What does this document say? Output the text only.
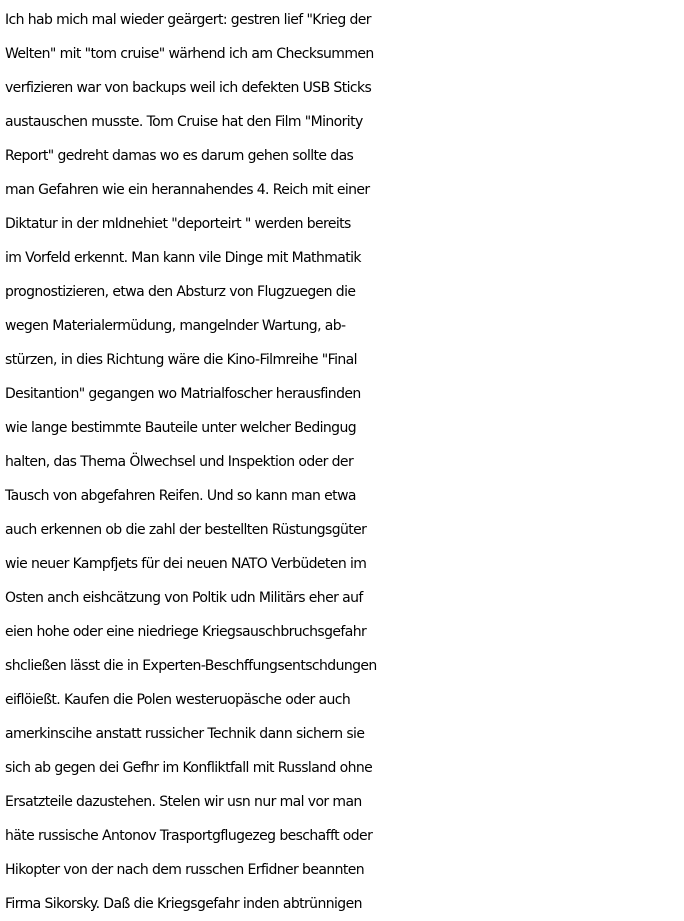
Ich hab mich mal wieder geärgert: gestren lief "Krieg der
Welten" mit "tom cruise" wärhend ich am Checksummen
verfizieren war von backups weil ich defekten USB Sticks
austauschen musste. Tom Cruise hat den Film "Minority
Report" gedreht damas wo es darum gehen sollte das
man Gefahren wie ein herannahendes 4. Reich mit einer
Diktatur in der mIdnehiet "deporteirt " werden bereits
im Vorfeld erkennt. Man kann vile Dinge mit Mathmatik
prognostizieren, etwa den Absturz von Flugzuegen die
wegen Materialermüdung, mangelnder Wartung, ab-
stürzen, in dies Richtung wäre die Kino-Filmreihe "Final
Desitantion" gegangen wo Matrialfoscher herausfinden
wie lange bestimmte Bauteile unter welcher Bedingug
halten, das Thema Ölwechsel und Inspektion oder der
Tausch von abgefahren Reifen. Und so kann man etwa
auch erkennen ob die zahl der bestellten Rüstungsgüter
wie neuer Kampfjets für dei neuen NATO Verbüdeten im
Osten anch eishcätzung von Poltik udn Militärs eher auf
eien hohe oder eine niedriege Kriegsauschbruchsgefahr
shcließen lässt die in Experten-Beschffungsentschdungen
eiflöießt. Kaufen die Polen westeruopäsche oder auch
amerkinscihe anstatt russicher Technik dann sichern sie
sich ab gegen dei Gefhr im Konfliktfall mit Russland ohne
Ersatzteile dazustehen. Stelen wir usn nur mal vor man
häte russische Antonov Trasportgflugezeg beschafft oder
Hikopter von der nach dem russchen Erfidner beannten
Firma Sikorsky. Daß die Kriegsgefahr inden abtrünnigen
